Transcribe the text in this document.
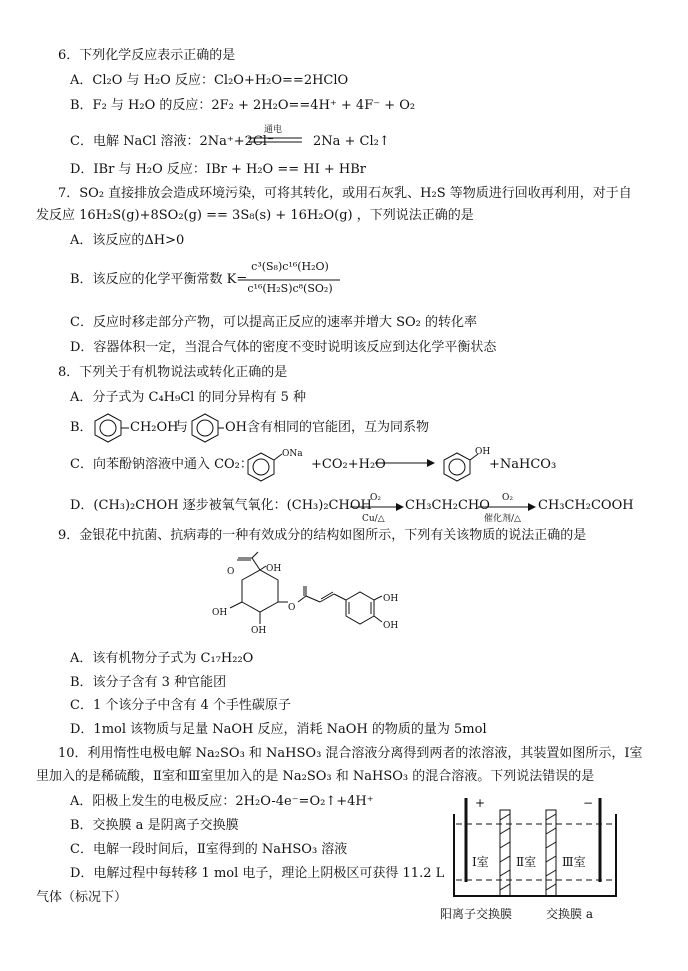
6．下列化学反应表示正确的是
A．Cl₂O 与 H₂O 反应：Cl₂O+H₂O==2HClO
B．F₂ 与 H₂O 的反应：2F₂ + 2H₂O==4H⁺ + 4F⁻ + O₂
C．电解 NaCl 溶液：2Na⁺+2Cl⁻
通电
2Na + Cl₂↑
D．IBr 与 H₂O 反应：IBr + H₂O == HI + HBr
7．SO₂ 直接排放会造成环境污染，可将其转化，或用石灰乳、H₂S 等物质进行回收再利用，对于自
发反应 16H₂S(g)+8SO₂(g) == 3S₈(s) + 16H₂O(g) ，下列说法正确的是
A．该反应的ΔH>0
B．该反应的化学平衡常数 K=
c³(S₈)c¹⁶(H₂O)
c¹⁶(H₂S)c⁸(SO₂)
C．反应时移走部分产物，可以提高正反应的速率并增大 SO₂ 的转化率
D．容器体积一定，当混合气体的密度不变时说明该反应到达化学平衡状态
8．下列关于有机物说法或转化正确的是
A．分子式为 C₄H₉Cl 的同分异构有 5 种
B．	CH₂OH
与	OH 含有相同的官能团，互为同系物
C．向苯酚钠溶液中通入 CO₂：
ONa
+CO₂+H₂O
OH
+NaHCO₃
D．(CH₃)₂CHOH 逐步被氧气氧化：(CH₃)₂CHOH
O₂
Cu/△
CH₃CH₂CHO O₂
催化剂/△
CH₃CH₂COOH
9．金银花中抗菌、抗病毒的一种有效成分的结构如图所示，下列有关该物质的说法正确的是
O	OH
OH
OH
O
OH
OH
A．该有机物分子式为 C₁₇H₂₂O
B．该分子含有 3 种官能团
C．1 个该分子中含有 4 个手性碳原子
D．1mol 该物质与足量 NaOH 反应，消耗 NaOH 的物质的量为 5mol
10．利用惰性电极电解 Na₂SO₃ 和 NaHSO₃ 混合溶液分离得到两者的浓溶液，其装置如图所示，Ⅰ室
里加入的是稀硫酸，Ⅱ室和Ⅲ室里加入的是 Na₂SO₃ 和 NaHSO₃ 的混合溶液。下列说法错误的是
A．阳极上发生的电极反应：2H₂O-4e⁻=O₂↑+4H⁺
B．交换膜 a 是阴离子交换膜
C．电解一段时间后，Ⅱ室得到的 NaHSO₃ 溶液
D．电解过程中每转移 1 mol 电子，理论上阴极区可获得 11.2 L
气体（标况下）
+	−
Ⅰ室 Ⅱ室 Ⅲ室
阳离子交换膜	交换膜 a
